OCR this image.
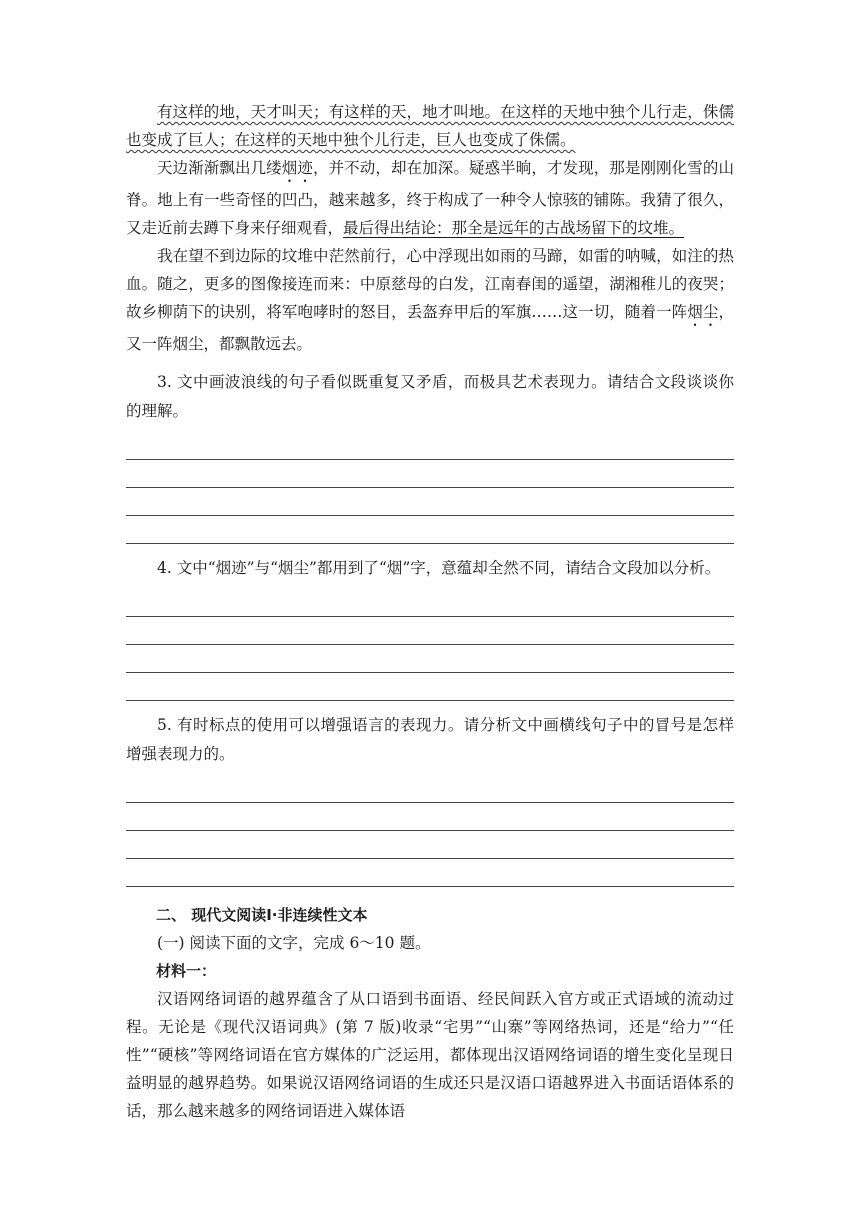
有这样的地，天才叫天；有这样的天，地才叫地。在这样的天地中独个儿行走，侏儒也变成了巨人；在这样的天地中独个儿行走，巨人也变成了侏儒。

天边渐渐飘出几缕烟迹，并不动，却在加深。疑惑半晌，才发现，那是刚刚化雪的山脊。地上有一些奇怪的凹凸，越来越多，终于构成了一种令人惊骇的铺陈。我猜了很久，又走近前去蹲下身来仔细观看，最后得出结论：那全是远年的古战场留下的坟堆。

我在望不到边际的坟堆中茫然前行，心中浮现出如雨的马蹄，如雷的呐喊，如注的热血。随之，更多的图像接连而来：中原慈母的白发，江南春闺的遥望，湖湘稚儿的夜哭；故乡柳荫下的诀别，将军咆哮时的怒目，丢盔弃甲后的军旗……这一切，随着一阵烟尘，又一阵烟尘，都飘散远去。

3. 文中画波浪线的句子看似既重复又矛盾，而极具艺术表现力。请结合文段谈谈你的理解。

4. 文中“烟迹”与“烟尘”都用到了“烟”字，意蕴却全然不同，请结合文段加以分析。

5. 有时标点的使用可以增强语言的表现力。请分析文中画横线句子中的冒号是怎样增强表现力的。

二、 现代文阅读Ⅰ·非连续性文本

(一) 阅读下面的文字，完成 6～10 题。

材料一：

汉语网络词语的越界蕴含了从口语到书面语、经民间跃入官方或正式语域的流动过程。无论是《现代汉语词典》(第 7 版)收录“宅男”“山寨”等网络热词，还是“给力”“任性”“硬核”等网络词语在官方媒体的广泛运用，都体现出汉语网络词语的增生变化呈现日益明显的越界趋势。如果说汉语网络词语的生成还只是汉语口语越界进入书面话语体系的话，那么越来越多的网络词语进入媒体语
